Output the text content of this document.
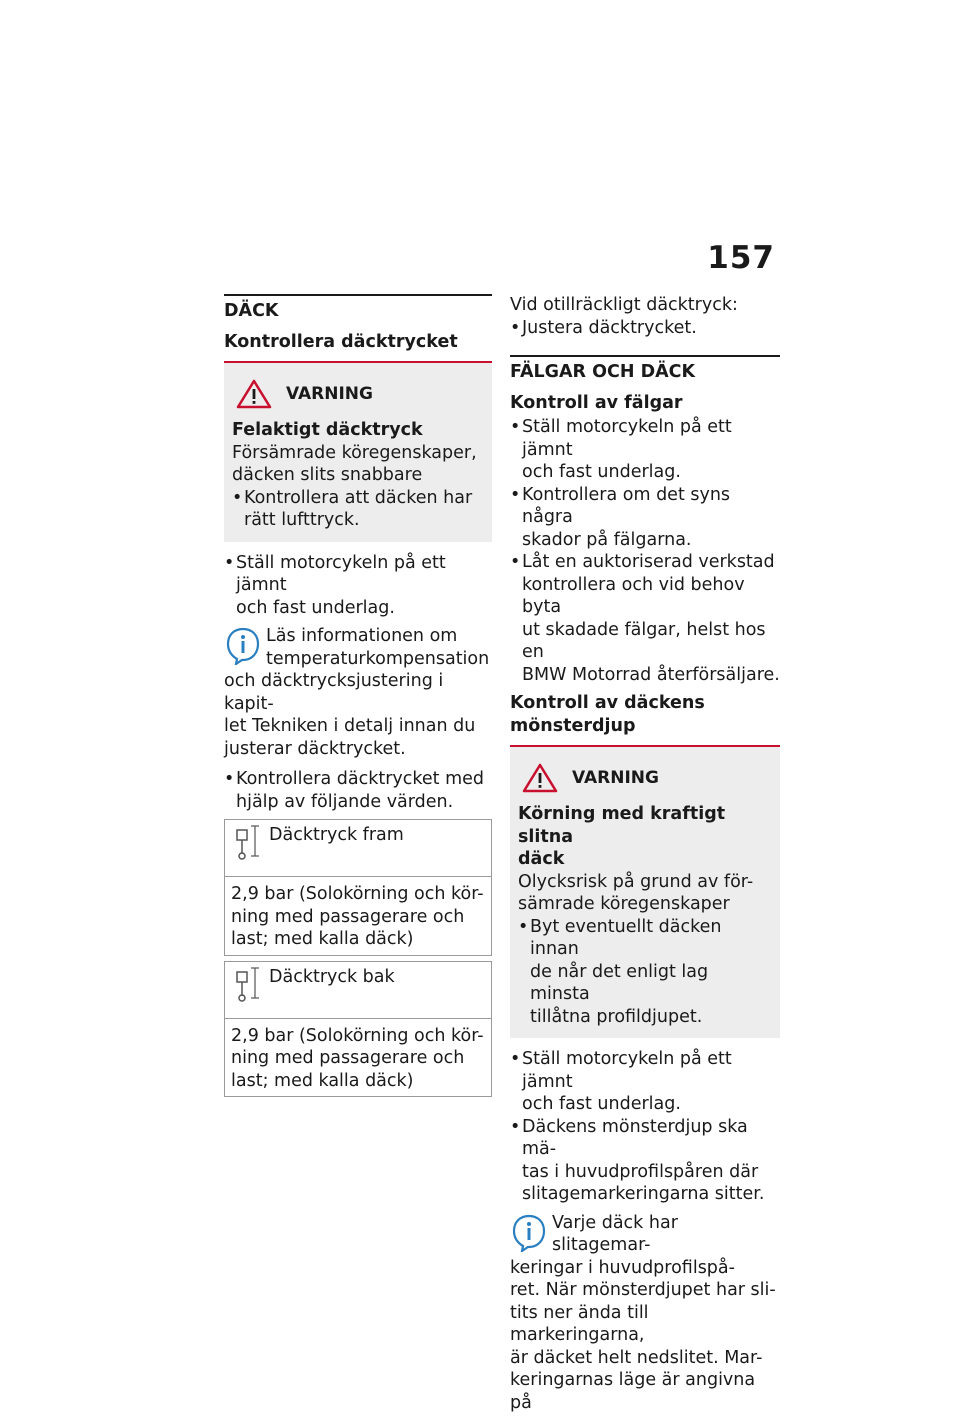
157
DÄCK
Kontrollera däcktrycket
VARNING
Felaktigt däcktryck
Försämrade köregenskaper,
däcken slits snabbare
• Kontrollera att däcken har
rätt lufttryck.
• Ställ motorcykeln på ett jämnt
och fast underlag.
Läs informationen om
temperaturkompensation
och däcktrycksjustering i kapit-
let Tekniken i detalj innan du
justerar däcktrycket.
• Kontrollera däcktrycket med
hjälp av följande värden.
Däcktryck fram
2,9 bar (Solokörning och kör-
ning med passagerare och
last; med kalla däck)
Däcktryck bak
2,9 bar (Solokörning och kör-
ning med passagerare och
last; med kalla däck)
Vid otillräckligt däcktryck:
• Justera däcktrycket.
FÄLGAR OCH DÄCK
Kontroll av fälgar
• Ställ motorcykeln på ett jämnt
och fast underlag.
• Kontrollera om det syns några
skador på fälgarna.
• Låt en auktoriserad verkstad
kontrollera och vid behov byta
ut skadade fälgar, helst hos en
BMW Motorrad återförsäljare.
Kontroll av däckens
mönsterdjup
VARNING
Körning med kraftigt slitna
däck
Olycksrisk på grund av för-
sämrade köregenskaper
• Byt eventuellt däcken innan
de når det enligt lag minsta
tillåtna profildjupet.
• Ställ motorcykeln på ett jämnt
och fast underlag.
• Däckens mönsterdjup ska mä-
tas i huvudprofilspåren där
slitagemarkeringarna sitter.
Varje däck har slitagemar-
keringar i huvudprofilspå-
ret. När mönsterdjupet har sli-
tits ner ända till markeringarna,
är däcket helt nedslitet. Mar-
keringarnas läge är angivna på
